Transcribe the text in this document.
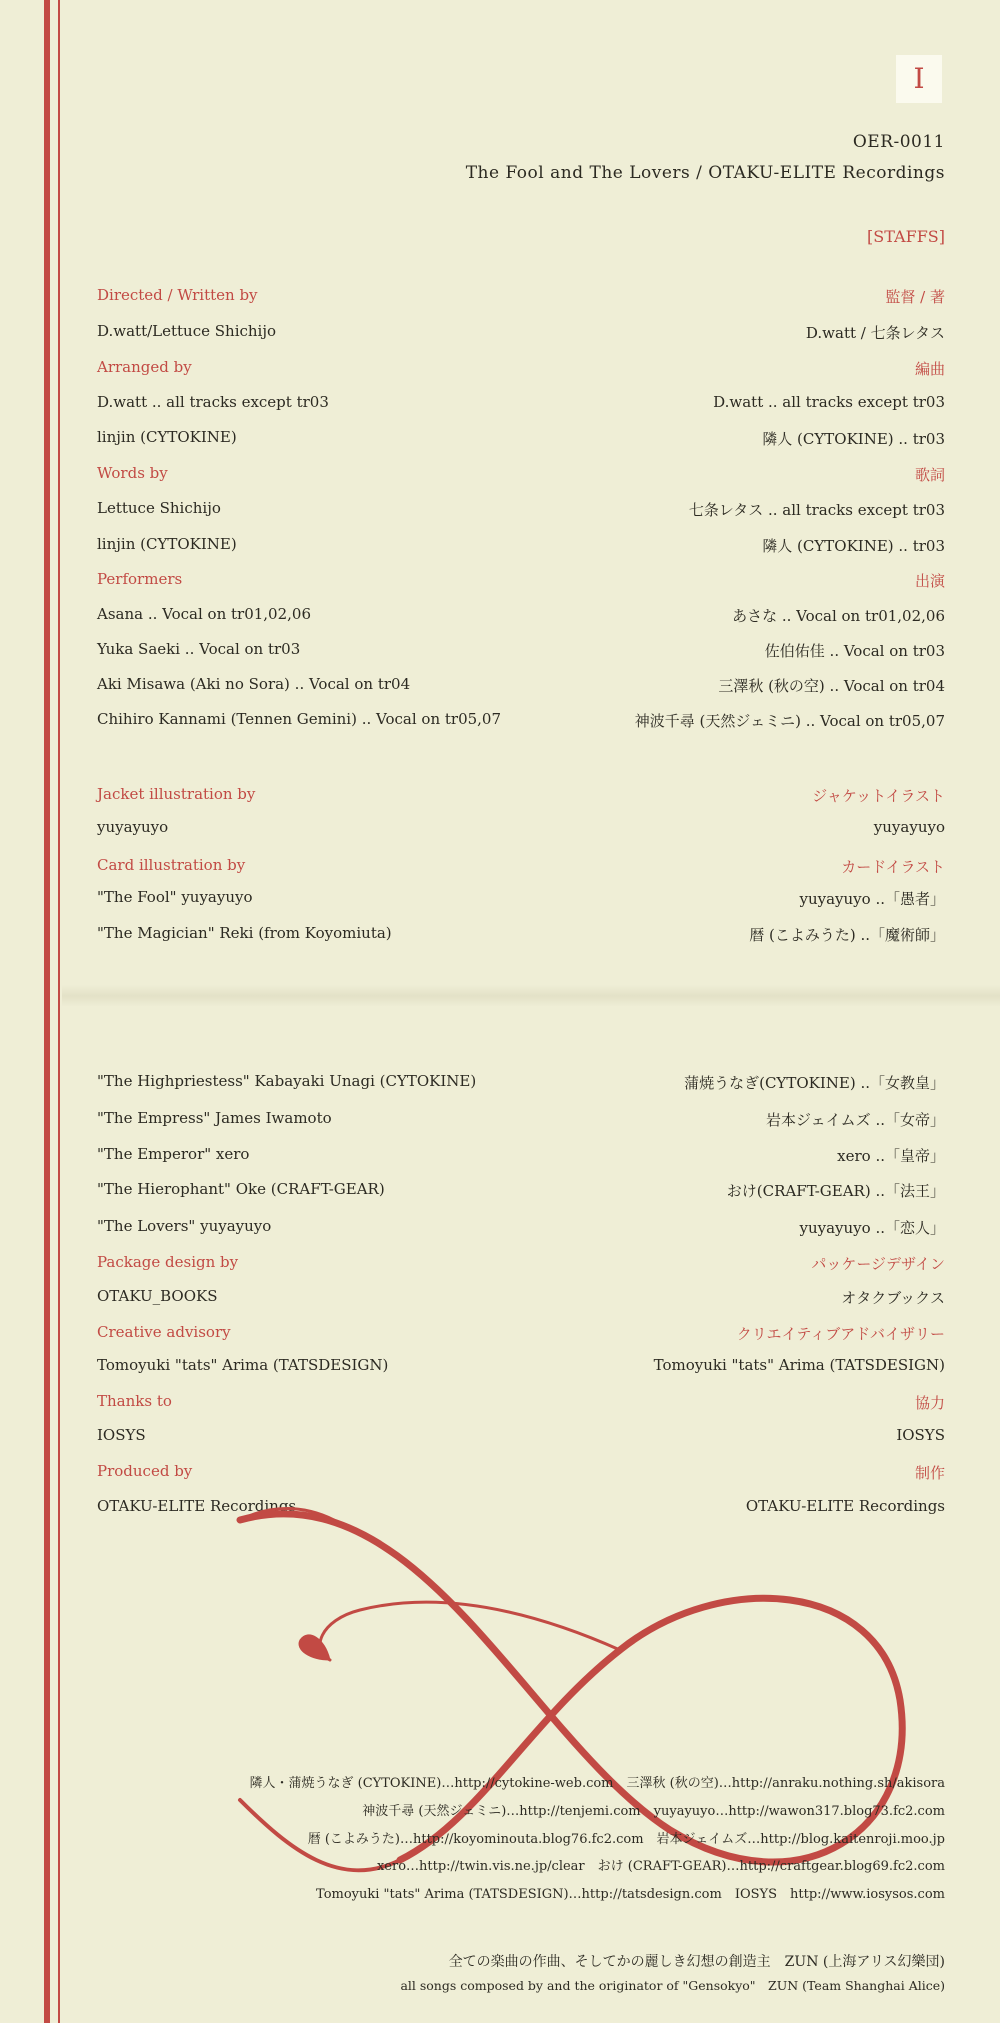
I
OER-0011
The Fool and The Lovers / OTAKU-ELITE Recordings
[STAFFS]
Directed / Written by	監督 / 著
D.watt/Lettuce Shichijo	D.watt / 七条レタス
Arranged by	編曲
D.watt .. all tracks except tr03	D.watt .. all tracks except tr03
linjin (CYTOKINE)	隣人 (CYTOKINE) .. tr03
Words by	歌詞
Lettuce Shichijo	七条レタス .. all tracks except tr03
linjin (CYTOKINE)	隣人 (CYTOKINE) .. tr03
Performers	出演
Asana .. Vocal on tr01,02,06	あさな .. Vocal on tr01,02,06
Yuka Saeki .. Vocal on tr03	佐伯佑佳 .. Vocal on tr03
Aki Misawa (Aki no Sora) .. Vocal on tr04	三澤秋 (秋の空) .. Vocal on tr04
Chihiro Kannami (Tennen Gemini) .. Vocal on tr05,07	神波千尋 (天然ジェミニ) .. Vocal on tr05,07
Jacket illustration by	ジャケットイラスト
yuyayuyo	yuyayuyo
Card illustration by	カードイラスト
"The Fool" yuyayuyo	yuyayuyo ..「愚者」
"The Magician" Reki (from Koyomiuta)	暦 (こよみうた) ..「魔術師」
"The Highpriestess" Kabayaki Unagi (CYTOKINE)	蒲焼うなぎ(CYTOKINE) ..「女教皇」
"The Empress" James Iwamoto	岩本ジェイムズ ..「女帝」
"The Emperor" xero	xero ..「皇帝」
"The Hierophant" Oke (CRAFT-GEAR)	おけ(CRAFT-GEAR) ..「法王」
"The Lovers" yuyayuyo	yuyayuyo ..「恋人」
Package design by	パッケージデザイン
OTAKU_BOOKS	オタクブックス
Creative advisory	クリエイティブアドバイザリー
Tomoyuki "tats" Arima (TATSDESIGN)	Tomoyuki "tats" Arima (TATSDESIGN)
Thanks to	協力
IOSYS	IOSYS
Produced by	制作
OTAKU-ELITE Recordings	OTAKU-ELITE Recordings
隣人・蒲焼うなぎ (CYTOKINE)…http://cytokine-web.com　三澤秋 (秋の空)…http://anraku.nothing.sh/akisora
神波千尋 (天然ジェミニ)…http://tenjemi.com　yuyayuyo…http://wawon317.blog73.fc2.com
暦 (こよみうた)…http://koyominouta.blog76.fc2.com　岩本ジェイムズ…http://blog.kaitenroji.moo.jp
xero…http://twin.vis.ne.jp/clear　おけ (CRAFT-GEAR)…http://craftgear.blog69.fc2.com
Tomoyuki "tats" Arima (TATSDESIGN)…http://tatsdesign.com　IOSYS　http://www.iosysos.com
全ての楽曲の作曲、そしてかの麗しき幻想の創造主　ZUN (上海アリス幻樂団)
all songs composed by and the originator of "Gensokyo"　ZUN (Team Shanghai Alice)
